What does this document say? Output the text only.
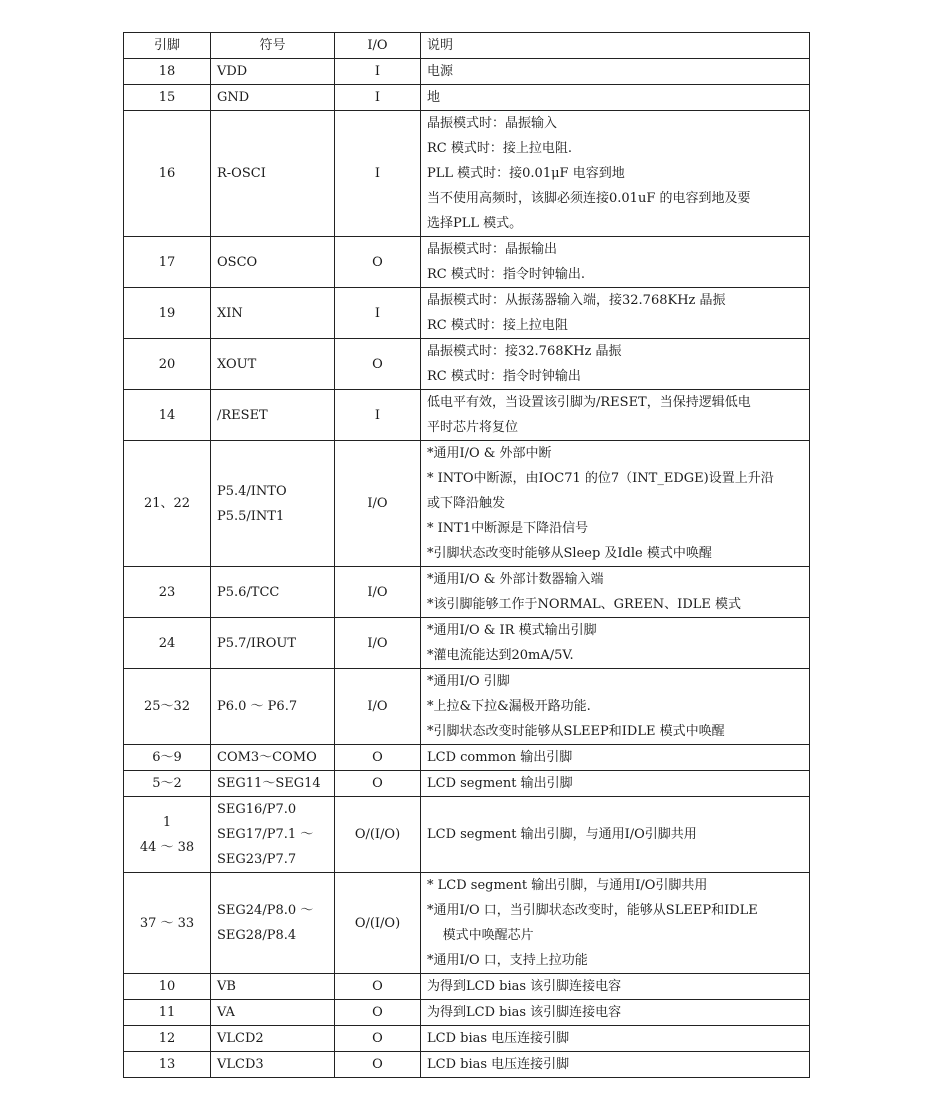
引脚	符号	I/O	说明

18	VDD	I	电源

15	GND	I	地

16	R-OSCI	I	晶振模式时：晶振输入
RC 模式时：接上拉电阻.
PLL 模式时：接0.01μF 电容到地
当不使用高频时，该脚必须连接0.01uF 的电容到地及要
选择PLL 模式。

17	OSCO	O	晶振模式时：晶振输出
RC 模式时：指令时钟输出.

19	XIN	I	晶振模式时：从振荡器输入端，接32.768KHz 晶振
RC 模式时：接上拉电阻

20	XOUT	O	晶振模式时：接32.768KHz 晶振
RC 模式时：指令时钟输出

14	/RESET	I	低电平有效，当设置该引脚为/RESET，当保持逻辑低电
平时芯片将复位

21、22	P5.4/INTO
P5.5/INT1	I/O	*通用I/O & 外部中断
* INTO中断源，由IOC71 的位7（INT_EDGE)设置上升沿
或下降沿触发
* INT1中断源是下降沿信号
*引脚状态改变时能够从Sleep 及Idle 模式中唤醒

23	P5.6/TCC	I/O	*通用I/O & 外部计数器输入端
*该引脚能够工作于NORMAL、GREEN、IDLE 模式

24	P5.7/IROUT	I/O	*通用I/O & IR 模式输出引脚
*灌电流能达到20mA/5V.

25～32	P6.0 ～ P6.7	I/O	*通用I/O 引脚
*上拉&下拉&漏极开路功能.
*引脚状态改变时能够从SLEEP和IDLE 模式中唤醒

6～9	COM3～COMO	O	LCD common 输出引脚

5～2	SEG11～SEG14	O	LCD segment 输出引脚

1
44 ～ 38	SEG16/P7.0
SEG17/P7.1 ～
SEG23/P7.7	O/(I/O)	LCD segment 输出引脚，与通用I/O引脚共用

37 ～ 33	SEG24/P8.0 ～
SEG28/P8.4	O/(I/O)	* LCD segment 输出引脚，与通用I/O引脚共用
*通用I/O 口，当引脚状态改变时，能够从SLEEP和IDLE
模式中唤醒芯片
*通用I/O 口，支持上拉功能

10	VB	O	为得到LCD bias 该引脚连接电容

11	VA	O	为得到LCD bias 该引脚连接电容

12	VLCD2	O	LCD bias 电压连接引脚

13	VLCD3	O	LCD bias 电压连接引脚
